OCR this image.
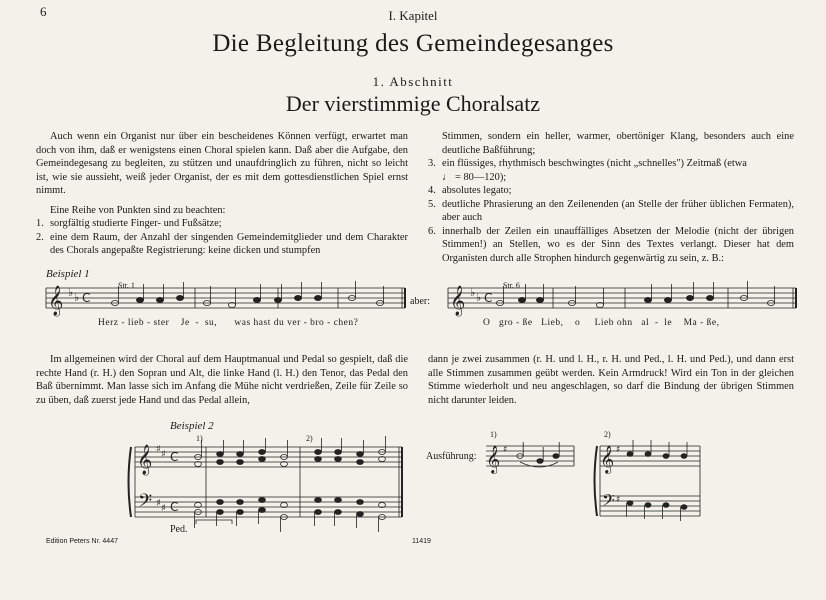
6	I. Kapitel
Die Begleitung des Gemeindegesanges
1. Abschnitt
Der vierstimmige Choralsatz

Auch wenn ein Organist nur über ein bescheidenes Können verfügt, erwartet man doch von ihm, daß er wenigstens einen Choral spielen kann. Daß aber die Aufgabe, den Gemeindegesang zu begleiten, zu stützen und unaufdringlich zu führen, nicht so leicht ist, wie sie aussieht, weiß jeder Organist, der es mit dem gottesdienstlichen Spiel ernst nimmt.

Eine Reihe von Punkten sind zu beachten:

1. sorgfältig studierte Finger- und Fußsätze;
2. eine dem Raum, der Anzahl der singenden Gemeindemitglieder und dem Charakter des Chorals angepaßte Registrierung: keine dicken und stumpfen
Stimmen, sondern ein heller, warmer, obertöniger Klang, besonders auch eine deutliche Baßführung;
3. ein flüssiges, rhythmisch beschwingtes (nicht „schnelles") Zeitmaß (etwa
♩ = 80—120);
4. absolutes legato;
5. deutliche Phrasierung an den Zeilenenden (an Stelle der früher üblichen Fermaten), aber auch
6. innerhalb der Zeilen ein unauffälliges Absetzen der Melodie (nicht der übrigen Stimmen!) an Stellen, wo es der Sinn des Textes verlangt. Dieser hat dem Organisten durch alle Strophen hindurch gegenwärtig zu sein, z. B.:
Beispiel 1
Str. 1	Str. 6
aber:
Herz - lieb - ster    Je  -  su,      was hast du ver - bro - chen?	O   gro - ße   Lieb,    o     Lieb ohn   al  -  le    Ma - ße,

Im allgemeinen wird der Choral auf dem Hauptmanual und Pedal so gespielt, daß die rechte Hand (r. H.) den Sopran und Alt, die linke Hand (l. H.) den Tenor, das Pedal den Baß übernimmt. Man lasse sich im Anfang die Mühe nicht verdrießen, Zeile für Zeile so zu üben, daß zuerst jede Hand und das Pedal allein,

dann je zwei zusammen (r. H. und l. H., r. H. und Ped., l. H. und Ped.), und dann erst alle Stimmen zusammen geübt werden. Kein Armdruck! Wird ein Ton in der gleichen Stimme wiederholt und neu angeschlagen, so darf die Bindung der übrigen Stimmen nicht darunter leiden.

Beispiel 2
1)	2)	1)	2)
Ped.
Ausführung:
Edition Peters Nr. 4447	11419
𝄞 ♭ ♭ C	𝄞 ♭ ♭ C
𝄞 ♯ ♯ C
𝄢 ♯ ♯ C
𝄞 ♯	𝄞 ♯
𝄢 ♯
